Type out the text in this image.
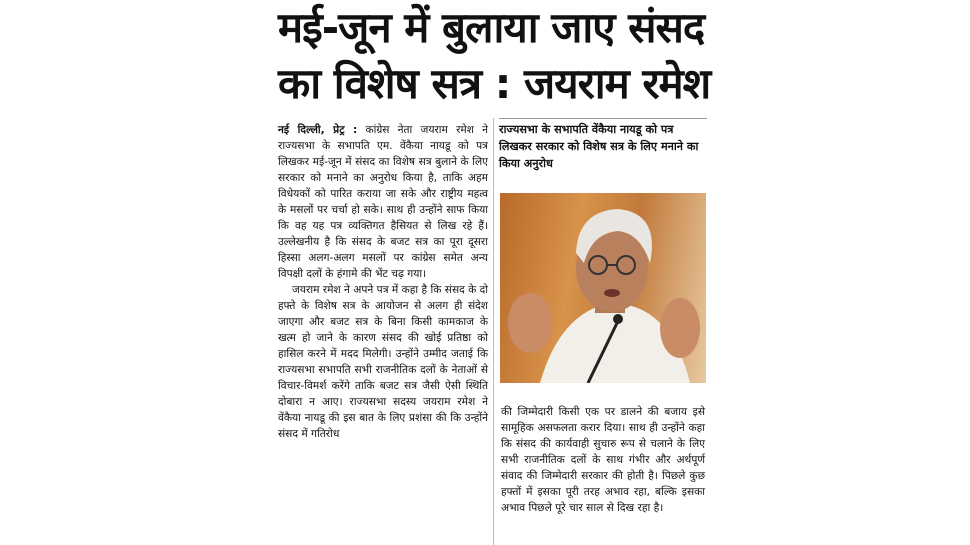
मई-जून में बुलाया जाए संसद
का विशेष सत्र : जयराम रमेश

नई दिल्ली, प्रेट्र : कांग्रेस नेता जयराम रमेश ने राज्यसभा के सभापति एम. वेंकैया नायडू को पत्र लिखकर मई-जून में संसद का विशेष सत्र बुलाने के लिए सरकार को मनाने का अनुरोध किया है, ताकि अहम विधेयकों को पारित कराया जा सके और राष्ट्रीय महत्व के मसलों पर चर्चा हो सके। साथ ही उन्होंने साफ किया कि वह यह पत्र व्यक्तिगत हैसियत से लिख रहे हैं। उल्लेखनीय है कि संसद के बजट सत्र का पूरा दूसरा हिस्सा अलग-अलग मसलों पर कांग्रेस समेत अन्य विपक्षी दलों के हंगामे की भेंट चढ़ गया।

जयराम रमेश ने अपने पत्र में कहा है कि संसद के दो हफ्ते के विशेष सत्र के आयोजन से अलग ही संदेश जाएगा और बजट सत्र के बिना किसी कामकाज के खत्म हो जाने के कारण संसद की खोई प्रतिष्ठा को हासिल करने में मदद मिलेगी। उन्होंने उम्मीद जताई कि राज्यसभा सभापति सभी राजनीतिक दलों के नेताओं से विचार-विमर्श करेंगे ताकि बजट सत्र जैसी ऐसी स्थिति दोबारा न आए। राज्यसभा सदस्य जयराम रमेश ने वेंकैया नायडू की इस बात के लिए प्रशंसा की कि उन्होंने संसद में गतिरोध

राज्यसभा के सभापति वेंकैया नायडू को पत्र लिखकर सरकार को विशेष सत्र के लिए मनाने का किया अनुरोध

की जिम्मेदारी किसी एक पर डालने की बजाय इसे सामूहिक असफलता करार दिया। साथ ही उन्होंने कहा कि संसद की कार्यवाही सुचारु रूप से चलाने के लिए सभी राजनीतिक दलों के साथ गंभीर और अर्थपूर्ण संवाद की जिम्मेदारी सरकार की होती है। पिछले कुछ हफ्तों में इसका पूरी तरह अभाव रहा, बल्कि इसका अभाव पिछले पूरे चार साल से दिख रहा है।
